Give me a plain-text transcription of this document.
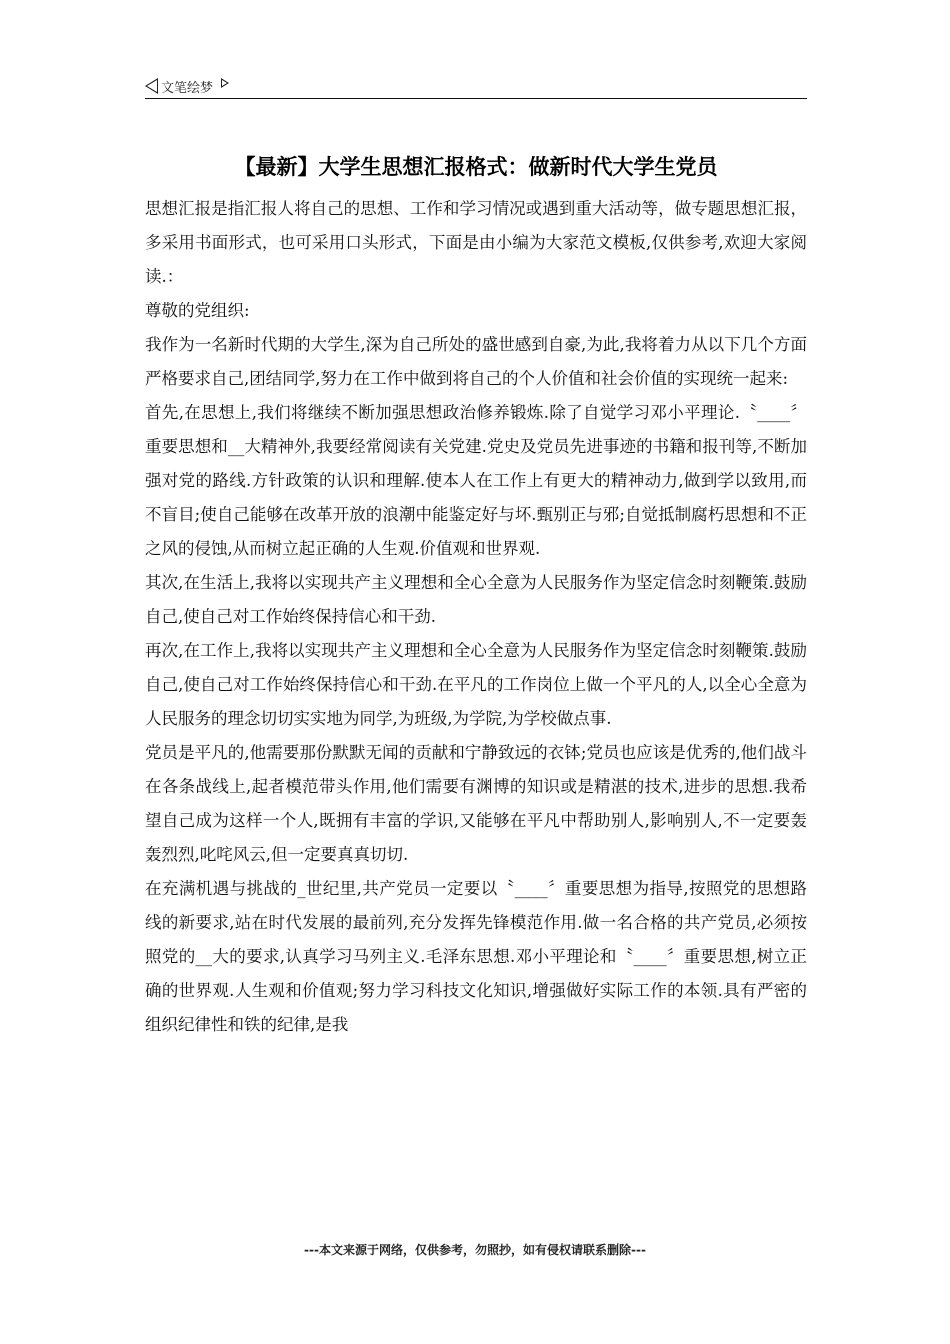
文笔绘梦
【最新】大学生思想汇报格式：做新时代大学生党员

思想汇报是指汇报人将自己的思想、工作和学习情况或遇到重大活动等，做专题思想汇报，多采用书面形式，也可采用口头形式，下面是由小编为大家范文模板,仅供参考,欢迎大家阅读.：

尊敬的党组织:

我作为一名新时代期的大学生,深为自己所处的盛世感到自豪,为此,我将着力从以下几个方面严格要求自己,团结同学,努力在工作中做到将自己的个人价值和社会价值的实现统一起来:

首先,在思想上,我们将继续不断加强思想政治修养锻炼.除了自觉学习邓小平理论.〝____〞重要思想和__大精神外,我要经常阅读有关党建.党史及党员先进事迹的书籍和报刊等,不断加强对党的路线.方针政策的认识和理解.使本人在工作上有更大的精神动力,做到学以致用,而不盲目;使自己能够在改革开放的浪潮中能鉴定好与坏.甄别正与邪;自觉抵制腐朽思想和不正之风的侵蚀,从而树立起正确的人生观.价值观和世界观.

其次,在生活上,我将以实现共产主义理想和全心全意为人民服务作为坚定信念时刻鞭策.鼓励自己,使自己对工作始终保持信心和干劲.

再次,在工作上,我将以实现共产主义理想和全心全意为人民服务作为坚定信念时刻鞭策.鼓励自己,使自己对工作始终保持信心和干劲.在平凡的工作岗位上做一个平凡的人,以全心全意为人民服务的理念切切实实地为同学,为班级,为学院,为学校做点事.

党员是平凡的,他需要那份默默无闻的贡献和宁静致远的衣钵;党员也应该是优秀的,他们战斗在各条战线上,起者模范带头作用,他们需要有渊博的知识或是精湛的技术,进步的思想.我希望自己成为这样一个人,既拥有丰富的学识,又能够在平凡中帮助别人,影响别人,不一定要轰轰烈烈,叱咤风云,但一定要真真切切.

在充满机遇与挑战的_世纪里,共产党员一定要以〝____〞重要思想为指导,按照党的思想路线的新要求,站在时代发展的最前列,充分发挥先锋模范作用.做一名合格的共产党员,必须按照党的__大的要求,认真学习马列主义.毛泽东思想.邓小平理论和〝____〞重要思想,树立正确的世界观.人生观和价值观;努力学习科技文化知识,增强做好实际工作的本领.具有严密的组织纪律性和铁的纪律,是我

---本文来源于网络，仅供参考，勿照抄，如有侵权请联系删除---
